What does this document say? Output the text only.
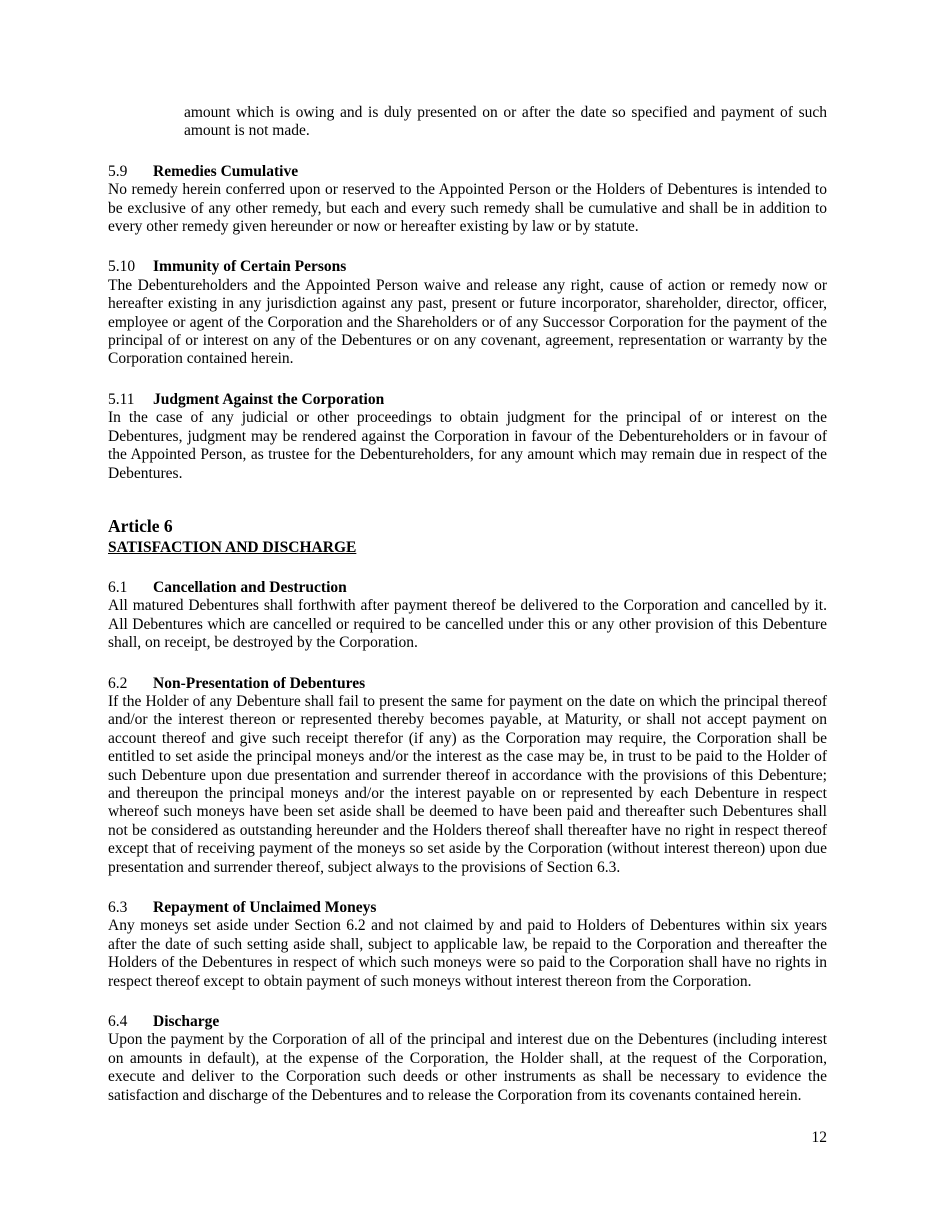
amount which is owing and is duly presented on or after the date so specified and payment of such amount is not made.

5.9 Remedies Cumulative

No remedy herein conferred upon or reserved to the Appointed Person or the Holders of Debentures is intended to be exclusive of any other remedy, but each and every such remedy shall be cumulative and shall be in addition to every other remedy given hereunder or now or hereafter existing by law or by statute.

5.10 Immunity of Certain Persons

The Debentureholders and the Appointed Person waive and release any right, cause of action or remedy now or hereafter existing in any jurisdiction against any past, present or future incorporator, shareholder, director, officer, employee or agent of the Corporation and the Shareholders or of any Successor Corporation for the payment of the principal of or interest on any of the Debentures or on any covenant, agreement, representation or warranty by the Corporation contained herein.

5.11 Judgment Against the Corporation

In the case of any judicial or other proceedings to obtain judgment for the principal of or interest on the Debentures, judgment may be rendered against the Corporation in favour of the Debentureholders or in favour of the Appointed Person, as trustee for the Debentureholders, for any amount which may remain due in respect of the Debentures.

Article 6
SATISFACTION AND DISCHARGE
6.1 Cancellation and Destruction

All matured Debentures shall forthwith after payment thereof be delivered to the Corporation and cancelled by it. All Debentures which are cancelled or required to be cancelled under this or any other provision of this Debenture shall, on receipt, be destroyed by the Corporation.

6.2 Non-Presentation of Debentures

If the Holder of any Debenture shall fail to present the same for payment on the date on which the principal thereof and/or the interest thereon or represented thereby becomes payable, at Maturity, or shall not accept payment on account thereof and give such receipt therefor (if any) as the Corporation may require, the Corporation shall be entitled to set aside the principal moneys and/or the interest as the case may be, in trust to be paid to the Holder of such Debenture upon due presentation and surrender thereof in accordance with the provisions of this Debenture; and thereupon the principal moneys and/or the interest payable on or represented by each Debenture in respect whereof such moneys have been set aside shall be deemed to have been paid and thereafter such Debentures shall not be considered as outstanding hereunder and the Holders thereof shall thereafter have no right in respect thereof except that of receiving payment of the moneys so set aside by the Corporation (without interest thereon) upon due presentation and surrender thereof, subject always to the provisions of Section 6.3.

6.3 Repayment of Unclaimed Moneys

Any moneys set aside under Section 6.2 and not claimed by and paid to Holders of Debentures within six years after the date of such setting aside shall, subject to applicable law, be repaid to the Corporation and thereafter the Holders of the Debentures in respect of which such moneys were so paid to the Corporation shall have no rights in respect thereof except to obtain payment of such moneys without interest thereon from the Corporation.

6.4 Discharge

Upon the payment by the Corporation of all of the principal and interest due on the Debentures (including interest on amounts in default), at the expense of the Corporation, the Holder shall, at the request of the Corporation, execute and deliver to the Corporation such deeds or other instruments as shall be necessary to evidence the satisfaction and discharge of the Debentures and to release the Corporation from its covenants contained herein.

12
